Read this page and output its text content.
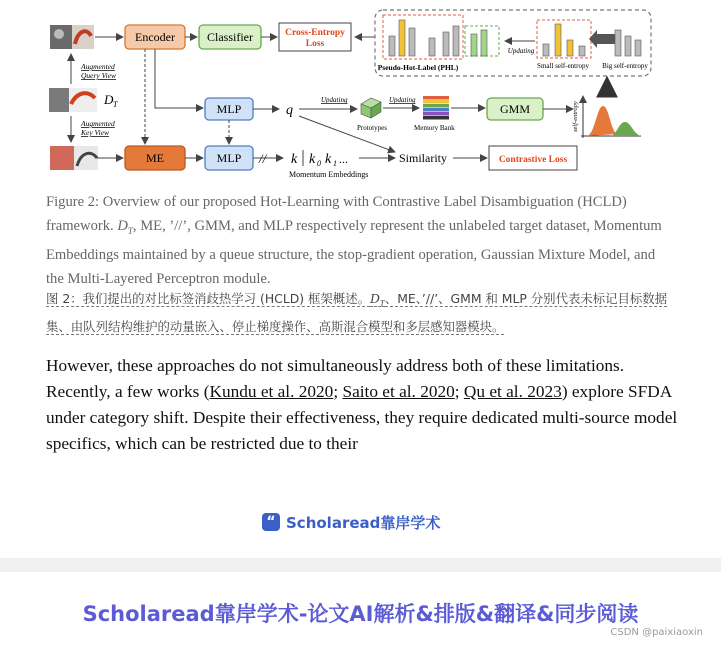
D T
Augmented
Query View
Augmented
Key View
Encoder	Classifier	Cross-Entropy
Loss
Pseudo-Hot-Label (PHL)
Updating
Small self-entropy Big self-entropy
MLP	q
Updating
Prototypes
Updating
Memory Bank
GMM	self-entropy
ME	MLP // k k 0 k 1 ...
Momentum Embeddings
Similarity	Contrastive Loss
Figure 2: Overview of our proposed Hot-Learning with Contrastive Label Disambiguation (HCLD) framework. $D_T$, ME, ’//’, GMM, and MLP respectively represent the unlabeled target dataset, Momentum Embeddings maintained by a queue structure, the stop-gradient operation, Gaussian Mixture Model, and the Multi-Layered Perceptron module.
图 2：我们提出的对比标签消歧热学习 (HCLD) 框架概述。$D_T$、ME、’//’、GMM 和 MLP 分别代表未标记目标数据集、由队列结构维护的动量嵌入、停止梯度操作、高斯混合模型和多层感知器模块。
However, these approaches do not simultaneously address both of these limitations. Recently, a few works (Kundu et al. 2020; Saito et al. 2020; Qu et al. 2023) explore SFDA under category shift. Despite their effectiveness, they require dedicated multi-source model specifics, which can be restricted due to their
“ Scholaread靠岸学术
Scholaread靠岸学术-论文AI解析&排版&翻译&同步阅读
CSDN @paixiaoxin
